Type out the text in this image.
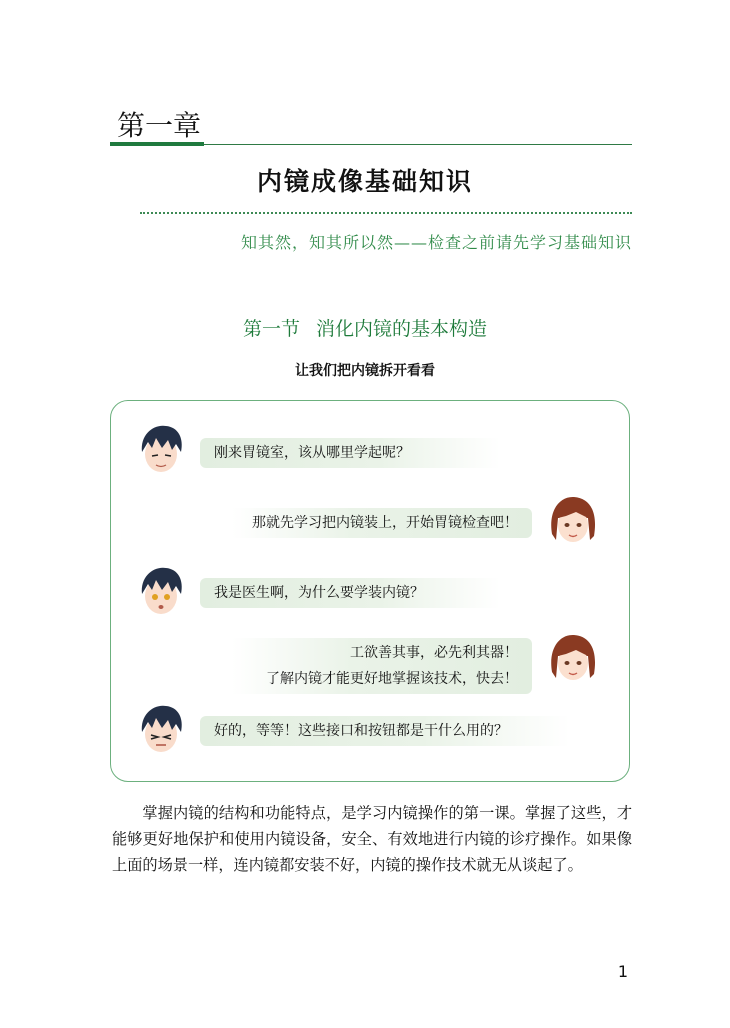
第一章
内镜成像基础知识
知其然，知其所以然——检查之前请先学习基础知识
第一节 消化内镜的基本构造
让我们把内镜拆开看看
刚来胃镜室，该从哪里学起呢？
那就先学习把内镜装上，开始胃镜检查吧！
我是医生啊，为什么要学装内镜？
工欲善其事，必先利其器！
了解内镜才能更好地掌握该技术，快去！
好的，等等！这些接口和按钮都是干什么用的？

掌握内镜的结构和功能特点，是学习内镜操作的第一课。掌握了这些，才能够更好地保护和使用内镜设备，安全、有效地进行内镜的诊疗操作。如果像上面的场景一样，连内镜都安装不好，内镜的操作技术就无从谈起了。

1
